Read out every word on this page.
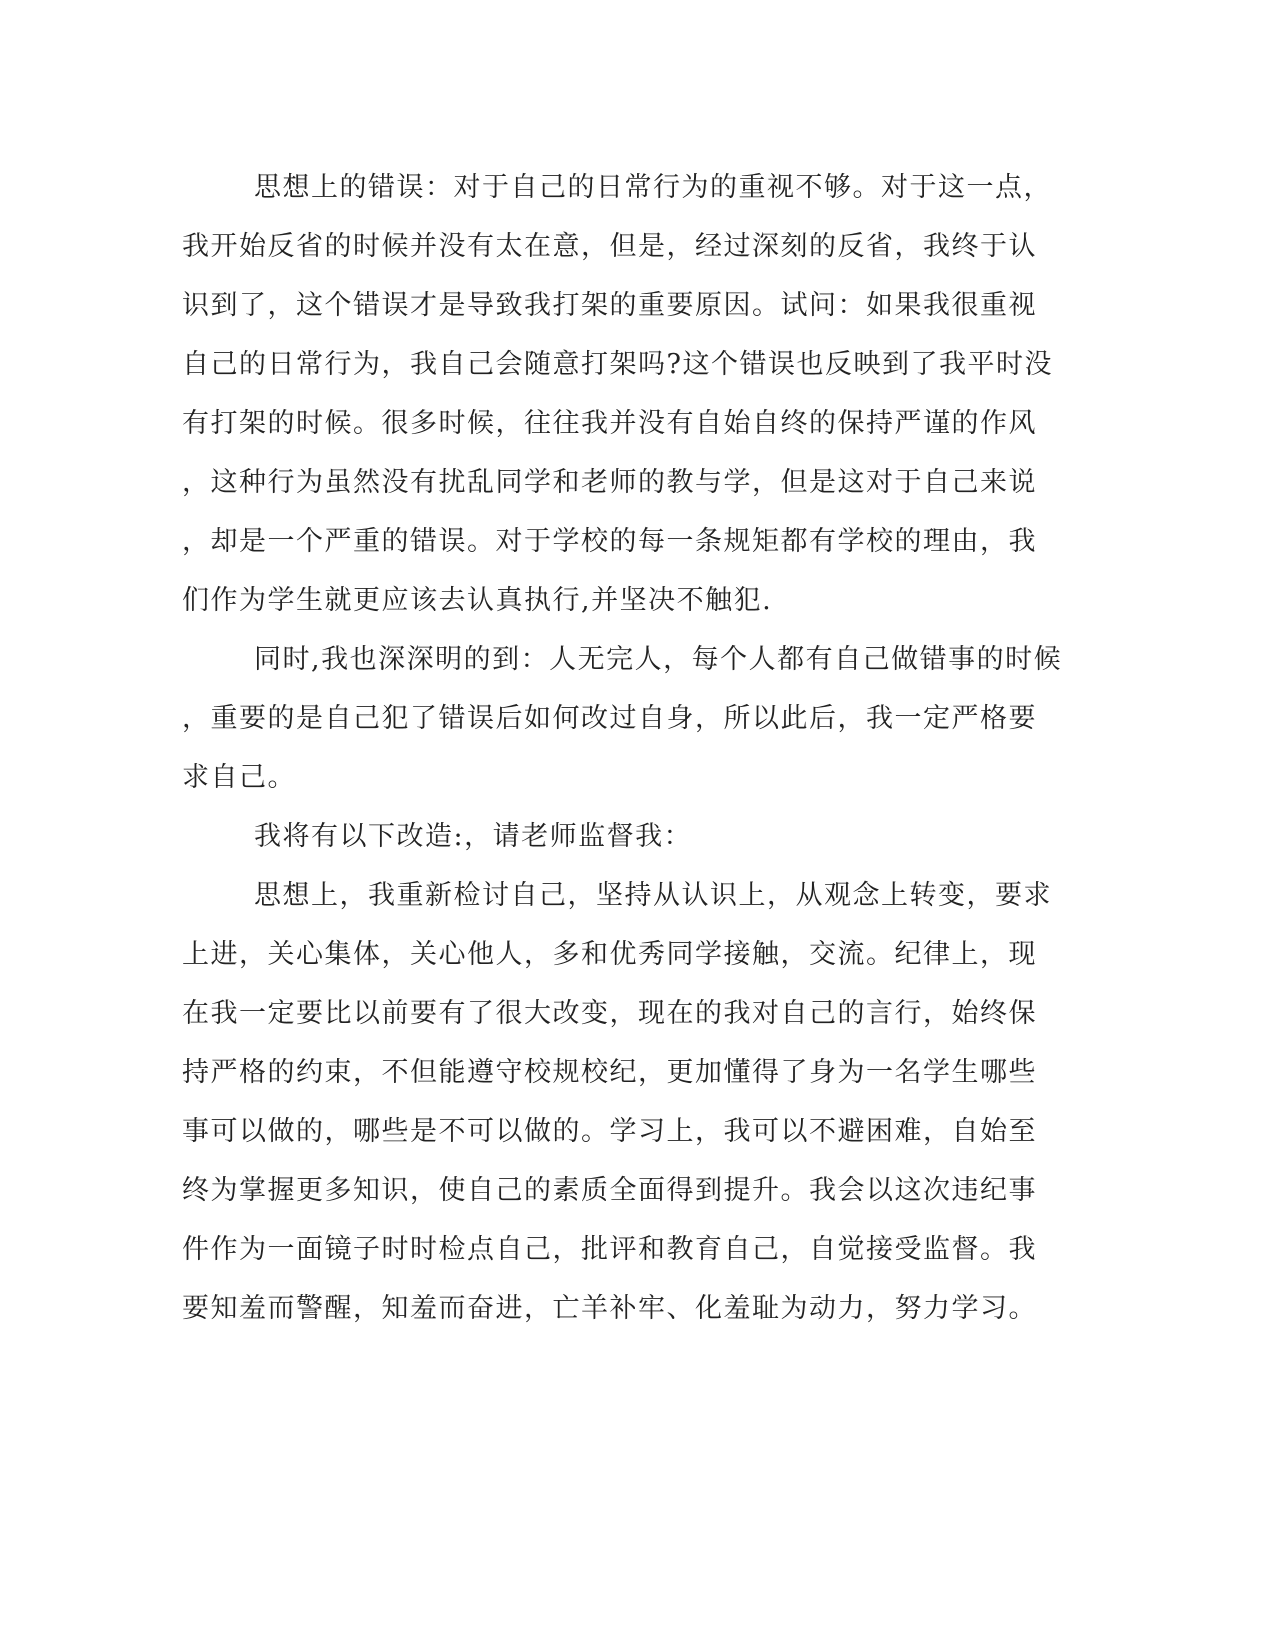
思想上的错误：对于自己的日常行为的重视不够。对于这一点，
我开始反省的时候并没有太在意，但是，经过深刻的反省，我终于认
识到了，这个错误才是导致我打架的重要原因。试问：如果我很重视
自己的日常行为，我自己会随意打架吗?这个错误也反映到了我平时没
有打架的时候。很多时候，往往我并没有自始自终的保持严谨的作风
，这种行为虽然没有扰乱同学和老师的教与学，但是这对于自己来说
，却是一个严重的错误。对于学校的每一条规矩都有学校的理由，我
们作为学生就更应该去认真执行,并坚决不触犯.
同时,我也深深明的到：人无完人，每个人都有自己做错事的时候
，重要的是自己犯了错误后如何改过自身，所以此后，我一定严格要
求自己。
我将有以下改造:，请老师监督我：
思想上，我重新检讨自己，坚持从认识上，从观念上转变，要求
上进，关心集体，关心他人，多和优秀同学接触，交流。纪律上，现
在我一定要比以前要有了很大改变，现在的我对自己的言行，始终保
持严格的约束，不但能遵守校规校纪，更加懂得了身为一名学生哪些
事可以做的，哪些是不可以做的。学习上，我可以不避困难，自始至
终为掌握更多知识，使自己的素质全面得到提升。我会以这次违纪事
件作为一面镜子时时检点自己，批评和教育自己，自觉接受监督。我
要知羞而警醒，知羞而奋进，亡羊补牢、化羞耻为动力，努力学习。
